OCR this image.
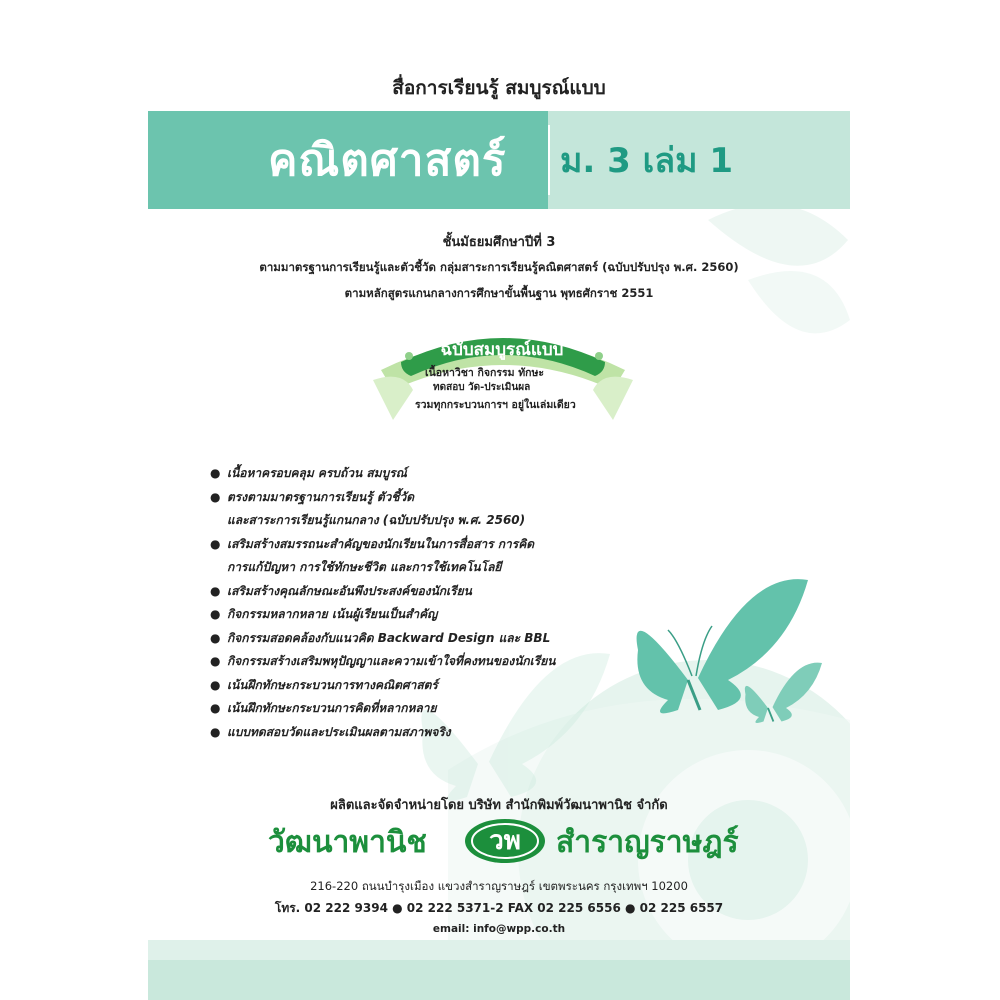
สื่อการเรียนรู้ สมบูรณ์แบบ
คณิตศาสตร์ ม. 3 เล่ม 1
ชั้นมัธยมศึกษาปีที่ 3
ตามมาตรฐานการเรียนรู้และตัวชี้วัด กลุ่มสาระการเรียนรู้คณิตศาสตร์ (ฉบับปรับปรุง พ.ศ. 2560)
ตามหลักสูตรแกนกลางการศึกษาขั้นพื้นฐาน พุทธศักราช 2551
ฉบับสมบูรณ์แบบ
เนื้อหาวิชา กิจกรรม ทักษะ
ทดสอบ วัด-ประเมินผล
รวมทุกกระบวนการฯ อยู่ในเล่มเดียว
● เนื้อหาครอบคลุม ครบถ้วน สมบูรณ์
● ตรงตามมาตรฐานการเรียนรู้ ตัวชี้วัด
และสาระการเรียนรู้แกนกลาง (ฉบับปรับปรุง พ.ศ. 2560)
● เสริมสร้างสมรรถนะสำคัญของนักเรียนในการสื่อสาร การคิด
การแก้ปัญหา การใช้ทักษะชีวิต และการใช้เทคโนโลยี
● เสริมสร้างคุณลักษณะอันพึงประสงค์ของนักเรียน
● กิจกรรมหลากหลาย เน้นผู้เรียนเป็นสำคัญ
● กิจกรรมสอดคล้องกับแนวคิด Backward Design และ BBL
● กิจกรรมสร้างเสริมพหุปัญญาและความเข้าใจที่คงทนของนักเรียน
● เน้นฝึกทักษะกระบวนการทางคณิตศาสตร์
● เน้นฝึกทักษะกระบวนการคิดที่หลากหลาย
● แบบทดสอบวัดและประเมินผลตามสภาพจริง
ผลิตและจัดจำหน่ายโดย บริษัท สำนักพิมพ์วัฒนาพานิช จำกัด
วัฒนาพานิช	วพ	สำราญราษฎร์
216-220 ถนนบำรุงเมือง แขวงสำราญราษฎร์ เขตพระนคร กรุงเทพฯ 10200
โทร. 02 222 9394 ● 02 222 5371-2 FAX 02 225 6556 ● 02 225 6557
email: info@wpp.co.th
